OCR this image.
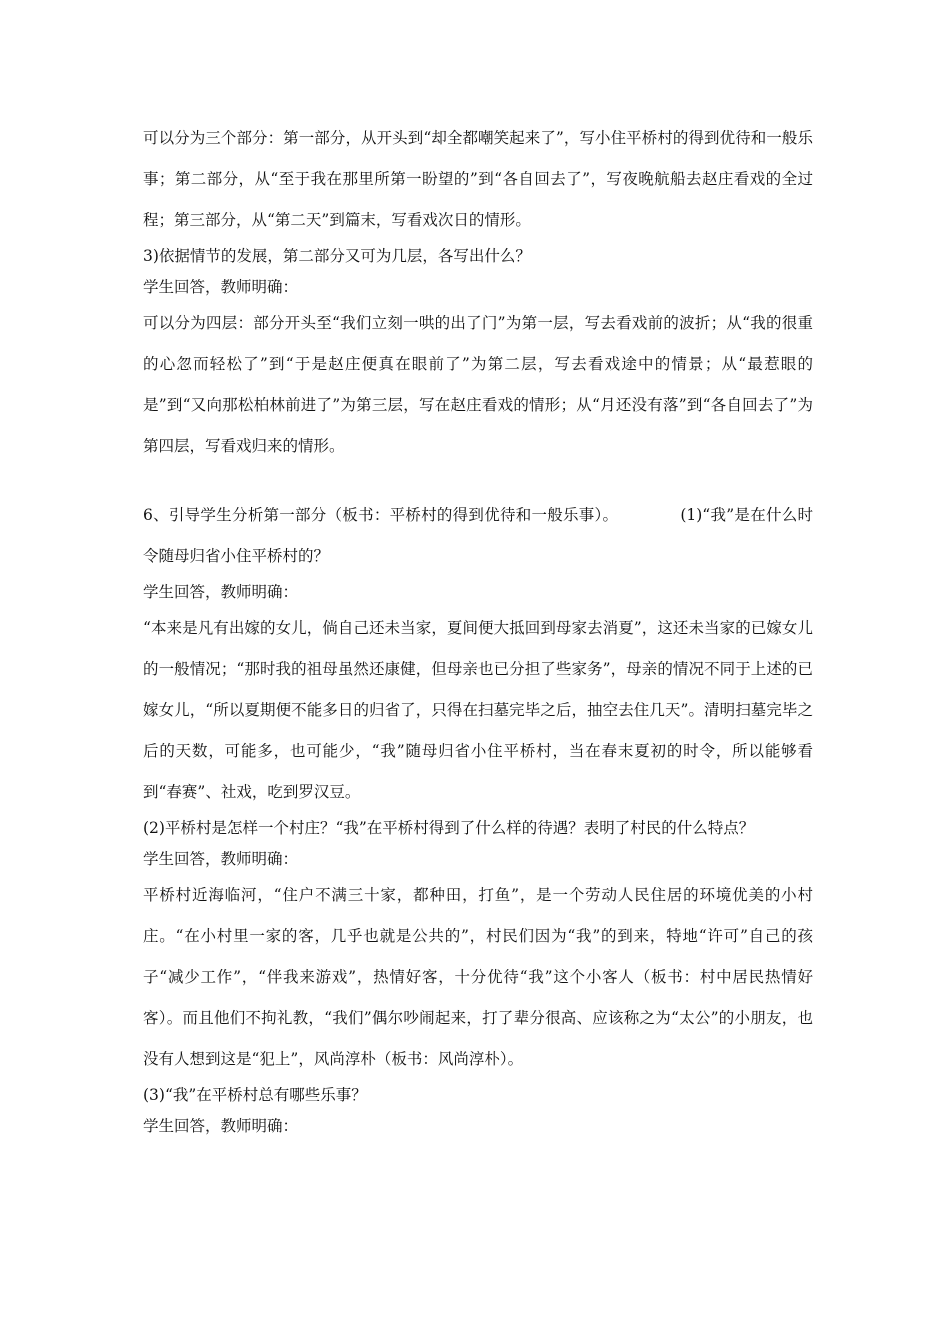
可以分为三个部分：第一部分，从开头到“却全都嘲笑起来了”，写小住平桥村的得到优待和一般乐事；第二部分，从“至于我在那里所第一盼望的”到“各自回去了”，写夜晚航船去赵庄看戏的全过程；第三部分，从“第二天”到篇末，写看戏次日的情形。

3)依据情节的发展，第二部分又可为几层，各写出什么？

学生回答，教师明确：

可以分为四层：部分开头至“我们立刻一哄的出了门”为第一层，写去看戏前的波折；从“我的很重的心忽而轻松了”到“于是赵庄便真在眼前了”为第二层，写去看戏途中的情景；从“最惹眼的是”到“又向那松柏林前进了”为第三层，写在赵庄看戏的情形；从“月还没有落”到“各自回去了”为第四层，写看戏归来的情形。

6、引导学生分析第一部分（板书：平桥村的得到优待和一般乐事）。	(1)“我”是在什么时令随母归省小住平桥村的？

学生回答，教师明确：

“本来是凡有出嫁的女儿，倘自己还未当家，夏间便大抵回到母家去消夏”，这还未当家的已嫁女儿的一般情况；“那时我的祖母虽然还康健，但母亲也已分担了些家务”，母亲的情况不同于上述的已嫁女儿，“所以夏期便不能多日的归省了，只得在扫墓完毕之后，抽空去住几天”。清明扫墓完毕之后的天数，可能多，也可能少，“我”随母归省小住平桥村，当在春末夏初的时令，所以能够看到“春赛”、社戏，吃到罗汉豆。

(2)平桥村是怎样一个村庄？“我”在平桥村得到了什么样的待遇？表明了村民的什么特点？

学生回答，教师明确：

平桥村近海临河，“住户不满三十家，都种田，打鱼”，是一个劳动人民住居的环境优美的小村庄。“在小村里一家的客，几乎也就是公共的”，村民们因为“我”的到来，特地“许可”自己的孩子“减少工作”，“伴我来游戏”，热情好客，十分优待“我”这个小客人（板书：村中居民热情好客）。而且他们不拘礼教，“我们”偶尔吵闹起来，打了辈分很高、应该称之为“太公”的小朋友，也没有人想到这是“犯上”，风尚淳朴（板书：风尚淳朴）。

(3)“我”在平桥村总有哪些乐事？

学生回答，教师明确：
